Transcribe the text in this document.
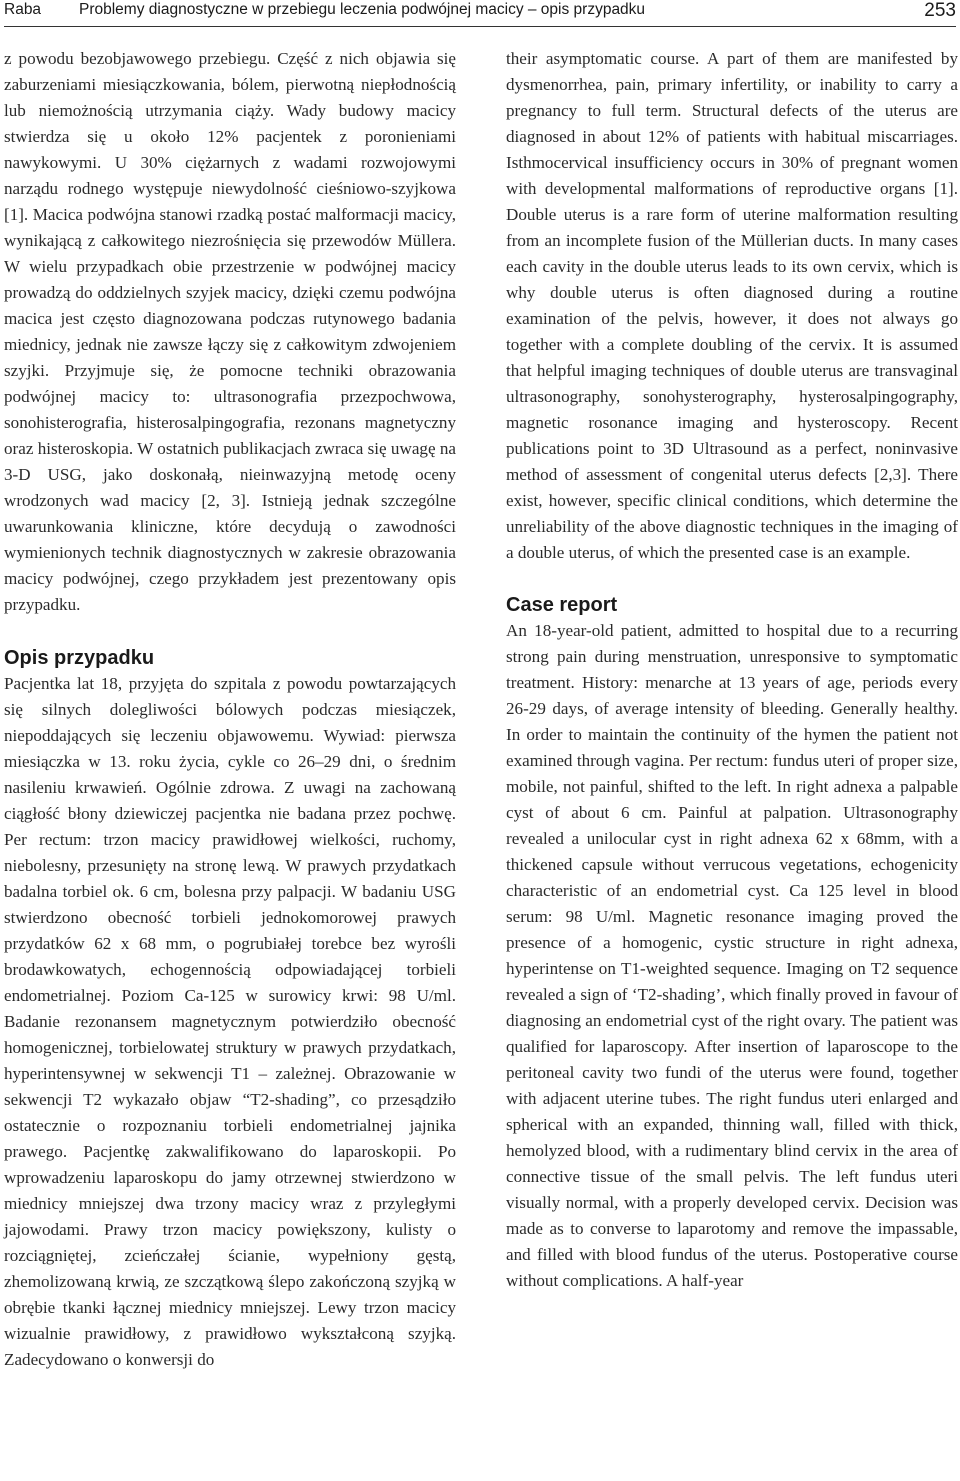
Raba Problemy diagnostyczne w przebiegu leczenia podwójnej macicy – opis przypadku	253

z powodu bezobjawowego przebiegu. Część z nich objawia się zaburzeniami miesiączkowania, bólem, pierwotną niepłodnością lub niemożnością utrzymania ciąży. Wady budowy macicy stwierdza się u około 12% pacjentek z poronieniami nawykowymi. U 30% ciężarnych z wadami rozwojowymi narządu rodnego występuje niewydolność cieśniowo-szyjkowa [1]. Macica podwójna stanowi rzadką postać malformacji macicy, wynikającą z całkowitego niezrośnięcia się przewodów Müllera. W wielu przypadkach obie przestrzenie w podwójnej macicy prowadzą do oddzielnych szyjek macicy, dzięki czemu podwójna macica jest często diagnozowana podczas rutynowego badania miednicy, jednak nie zawsze łączy się z całkowitym zdwojeniem szyjki. Przyjmuje się, że pomocne techniki obrazowania podwójnej macicy to: ultrasonografia przezpochwowa, sonohisterografia, histerosalpingografia, rezonans magnetyczny oraz histeroskopia. W ostatnich publikacjach zwraca się uwagę na 3-D USG, jako doskonałą, nieinwazyjną metodę oceny wrodzonych wad macicy [2, 3]. Istnieją jednak szczególne uwarunkowania kliniczne, które decydują o zawodności wymienionych technik diagnostycznych w zakresie obrazowania macicy podwójnej, czego przykładem jest prezentowany opis przypadku.

Opis przypadku

Pacjentka lat 18, przyjęta do szpitala z powodu powtarzających się silnych dolegliwości bólowych podczas miesiączek, niepoddających się leczeniu objawowemu. Wywiad: pierwsza miesiączka w 13. roku życia, cykle co 26–29 dni, o średnim nasileniu krwawień. Ogólnie zdrowa. Z uwagi na zachowaną ciągłość błony dziewiczej pacjentka nie badana przez pochwę. Per rectum: trzon macicy prawidłowej wielkości, ruchomy, niebolesny, przesunięty na stronę lewą. W prawych przydatkach badalna torbiel ok. 6 cm, bolesna przy palpacji. W badaniu USG stwierdzono obecność torbieli jednokomorowej prawych przydatków 62 x 68 mm, o pogrubiałej torebce bez wyrośli brodawkowatych, echogennością odpowiadającej torbieli endometrialnej. Poziom Ca-125 w surowicy krwi: 98 U/ml. Badanie rezonansem magnetycznym potwierdziło obecność homogenicznej, torbielowatej struktury w prawych przydatkach, hyperintensywnej w sekwencji T1 – zależnej. Obrazowanie w sekwencji T2 wykazało objaw “T2-shading”, co przesądziło ostatecznie o rozpoznaniu torbieli endometrialnej jajnika prawego. Pacjentkę zakwalifikowano do laparoskopii. Po wprowadzeniu laparoskopu do jamy otrzewnej stwierdzono w miednicy mniejszej dwa trzony macicy wraz z przyległymi jajowodami. Prawy trzon macicy powiększony, kulisty o rozciągniętej, zcieńczałej ścianie, wypełniony gęstą, zhemolizowaną krwią, ze szczątkową ślepo zakończoną szyjką w obrębie tkanki łącznej miednicy mniejszej. Lewy trzon macicy wizualnie prawidłowy, z prawidłowo wykształconą szyjką. Zadecydowano o konwersji do

their asymptomatic course. A part of them are manifested by dysmenorrhea, pain, primary infertility, or inability to carry a pregnancy to full term. Structural defects of the uterus are diagnosed in about 12% of patients with habitual miscarriages. Isthmocervical insufficiency occurs in 30% of pregnant women with developmental malformations of reproductive organs [1]. Double uterus is a rare form of uterine malformation resulting from an incomplete fusion of the Müllerian ducts. In many cases each cavity in the double uterus leads to its own cervix, which is why double uterus is often diagnosed during a routine examination of the pelvis, however, it does not always go together with a complete doubling of the cervix. It is assumed that helpful imaging techniques of double uterus are transvaginal ultrasonography, sonohysterography, hysterosalpingography, magnetic rosonance imaging and hysteroscopy. Recent publications point to 3D Ultrasound as a perfect, noninvasive method of assessment of congenital uterus defects [2,3]. There exist, however, specific clinical conditions, which determine the unreliability of the above diagnostic techniques in the imaging of a double uterus, of which the presented case is an example.

Case report

An 18-year-old patient, admitted to hospital due to a recurring strong pain during menstruation, unresponsive to symptomatic treatment. History: menarche at 13 years of age, periods every 26-29 days, of average intensity of bleeding. Generally healthy. In order to maintain the continuity of the hymen the patient not examined through vagina. Per rectum: fundus uteri of proper size, mobile, not painful, shifted to the left. In right adnexa a palpable cyst of about 6 cm. Painful at palpation. Ultrasonography revealed a unilocular cyst in right adnexa 62 x 68mm, with a thickened capsule without verrucous vegetations, echogenicity characteristic of an endometrial cyst. Ca 125 level in blood serum: 98 U/ml. Magnetic resonance imaging proved the presence of a homogenic, cystic structure in right adnexa, hyperintense on T1-weighted sequence. Imaging on T2 sequence revealed a sign of ‘T2-shading’, which finally proved in favour of diagnosing an endometrial cyst of the right ovary. The patient was qualified for laparoscopy. After insertion of laparoscope to the peritoneal cavity two fundi of the uterus were found, together with adjacent uterine tubes. The right fundus uteri enlarged and spherical with an expanded, thinning wall, filled with thick, hemolyzed blood, with a rudimentary blind cervix in the area of connective tissue of the small pelvis. The left fundus uteri visually normal, with a properly developed cervix. Decision was made as to converse to laparotomy and remove the impassable, and filled with blood fundus of the uterus. Postoperative course without complications. A half-year
